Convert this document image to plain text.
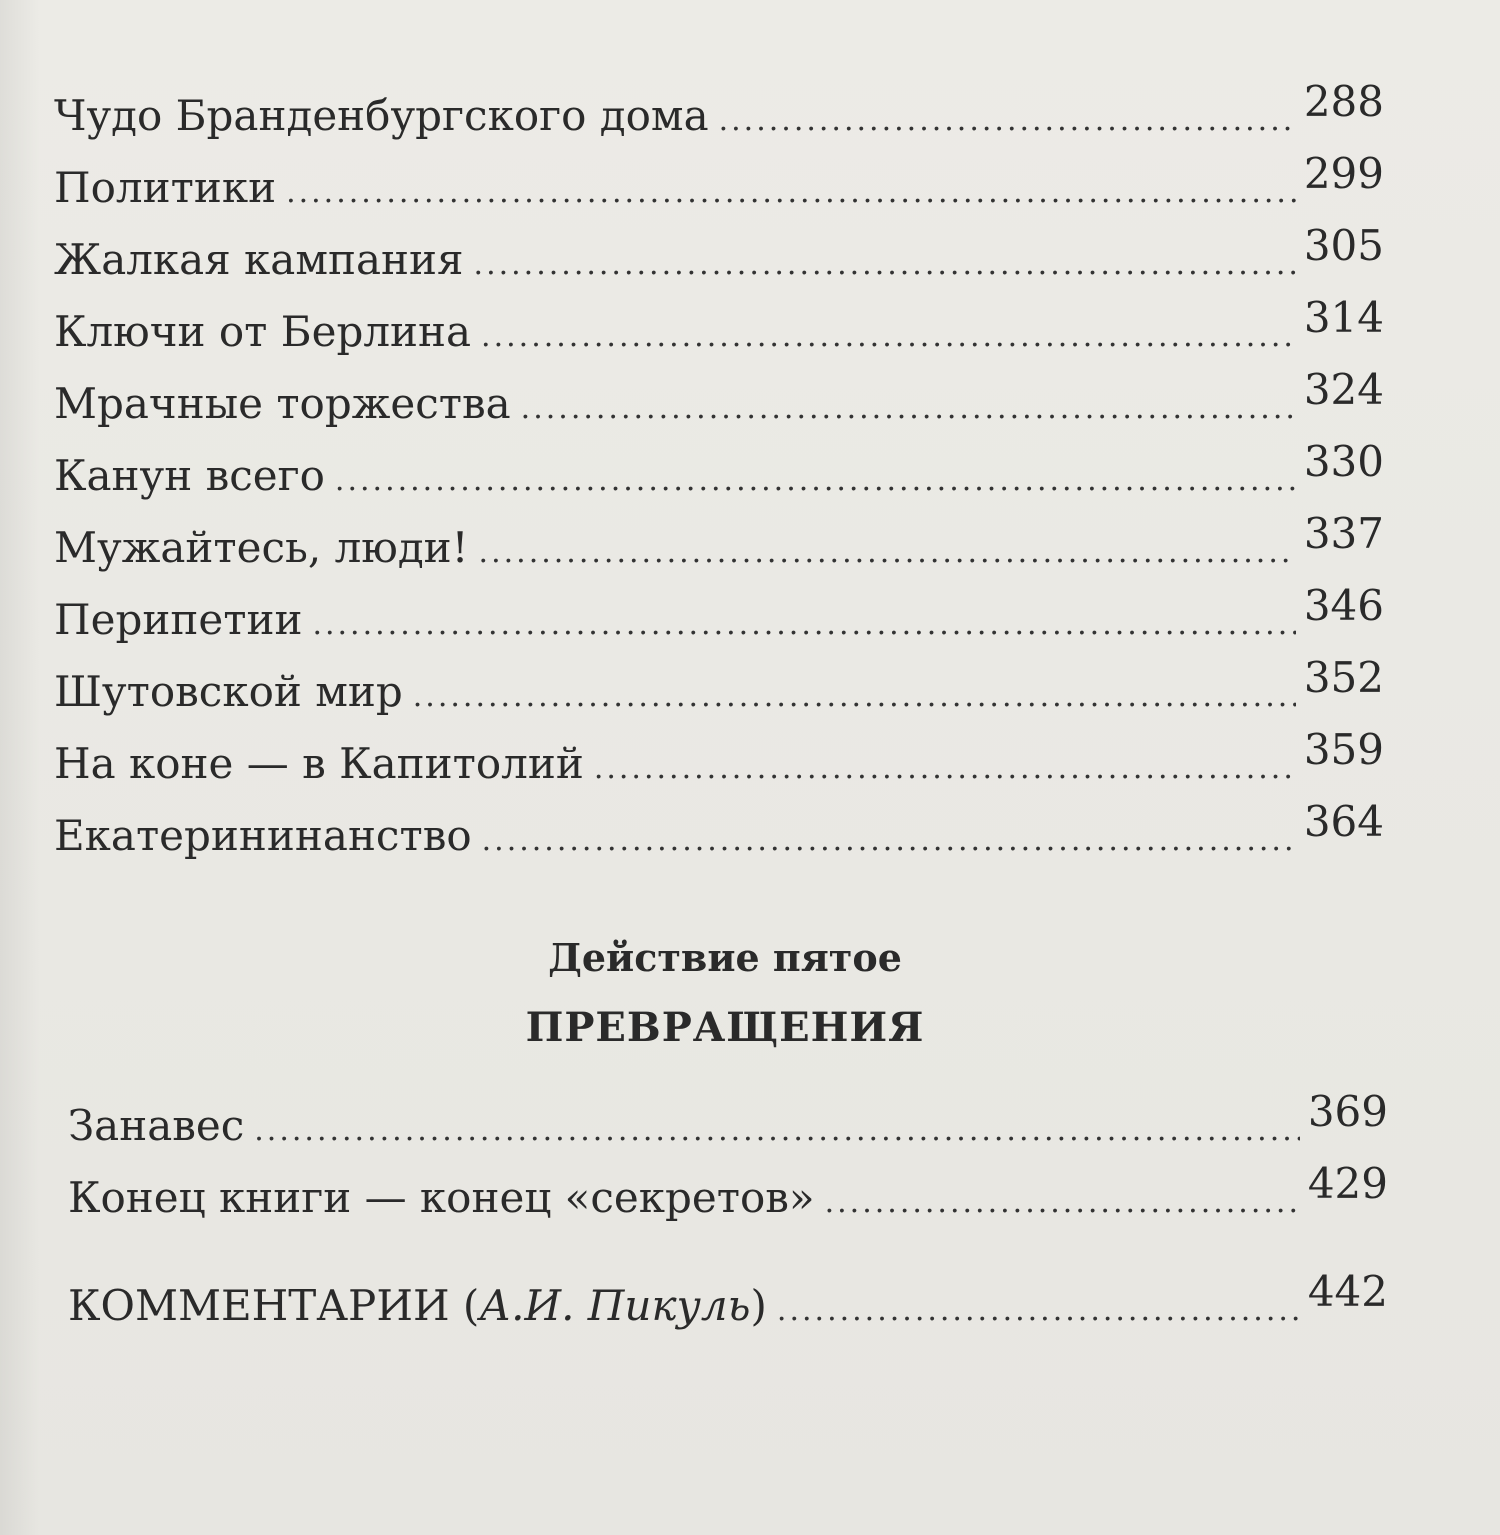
Чудо Бранденбургского дома .....	288
Политики .....	299
Жалкая кампания .....	305
Ключи от Берлина .....	314
Мрачные торжества .....	324
Канун всего .....	330
Мужайтесь, люди! .....	337
Перипетии .....	346
Шутовской мир .....	352
На коне — в Капитолий .....	359
Екатерининанство .....	364
Действие пятое
ПРЕВРАЩЕНИЯ
Занавес .....	369
Конец книги — конец «секретов» .....	429
КОММЕНТАРИИ (А.И. Пикуль) .....	442
